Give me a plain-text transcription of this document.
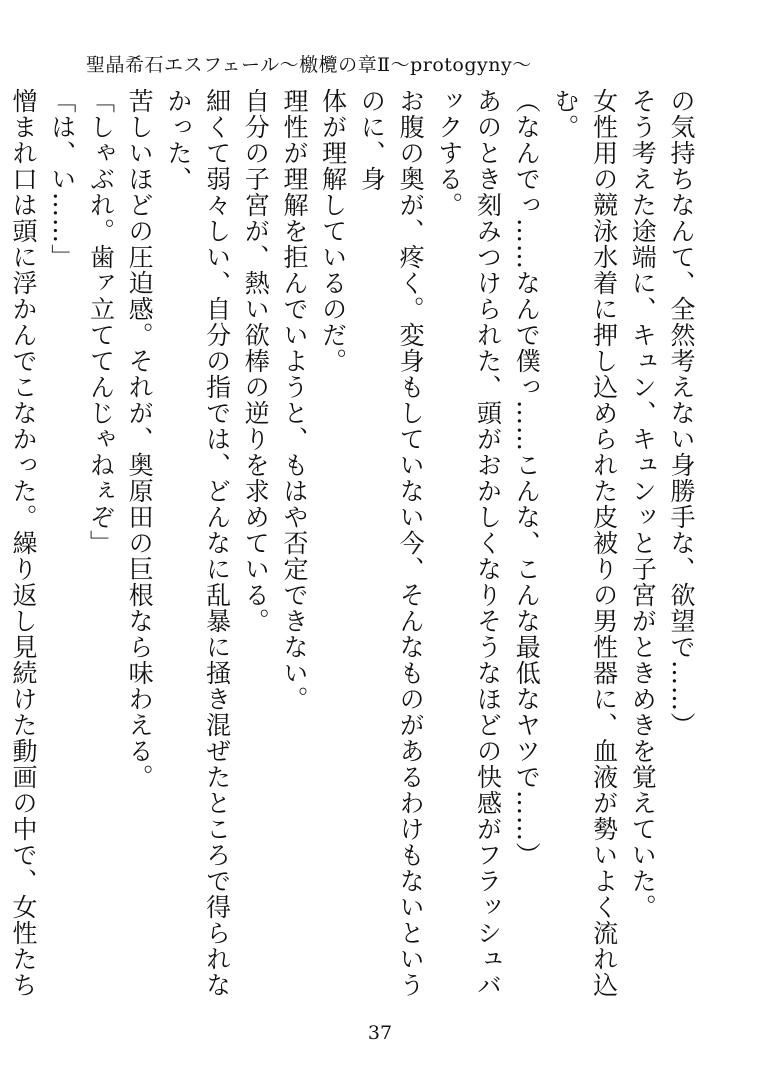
聖晶希石エスフェール〜檄欖の章Ⅱ〜protogyny〜

の気持ちなんて、全然考えない身勝手な、欲望で……）

そう考えた途端に、キュン、キュンッと子宮がときめきを覚えていた。

女性用の競泳水着に押し込められた皮被りの男性器に、血液が勢いよく流れ込む。

（なんでっ……なんで僕っ……こんな、こんな最低なヤツで……）

あのとき刻みつけられた、頭がおかしくなりそうなほどの快感がフラッシュバックする。

お腹の奥が、疼く。変身もしていない今、そんなものがあるわけもないというのに、身

体が理解しているのだ。

理性が理解を拒んでいようと、もはや否定できない。

自分の子宮が、熱い欲棒の逆りを求めている。

細くて弱々しい、自分の指では、どんなに乱暴に掻き混ぜたところで得られなかった、

苦しいほどの圧迫感。それが、奥原田の巨根なら味わえる。

「しゃぶれ。歯ァ立ててんじゃねぇぞ」

「は、い……」

憎まれ口は頭に浮かんでこなかった。繰り返し見続けた動画の中で、女性たち

37
